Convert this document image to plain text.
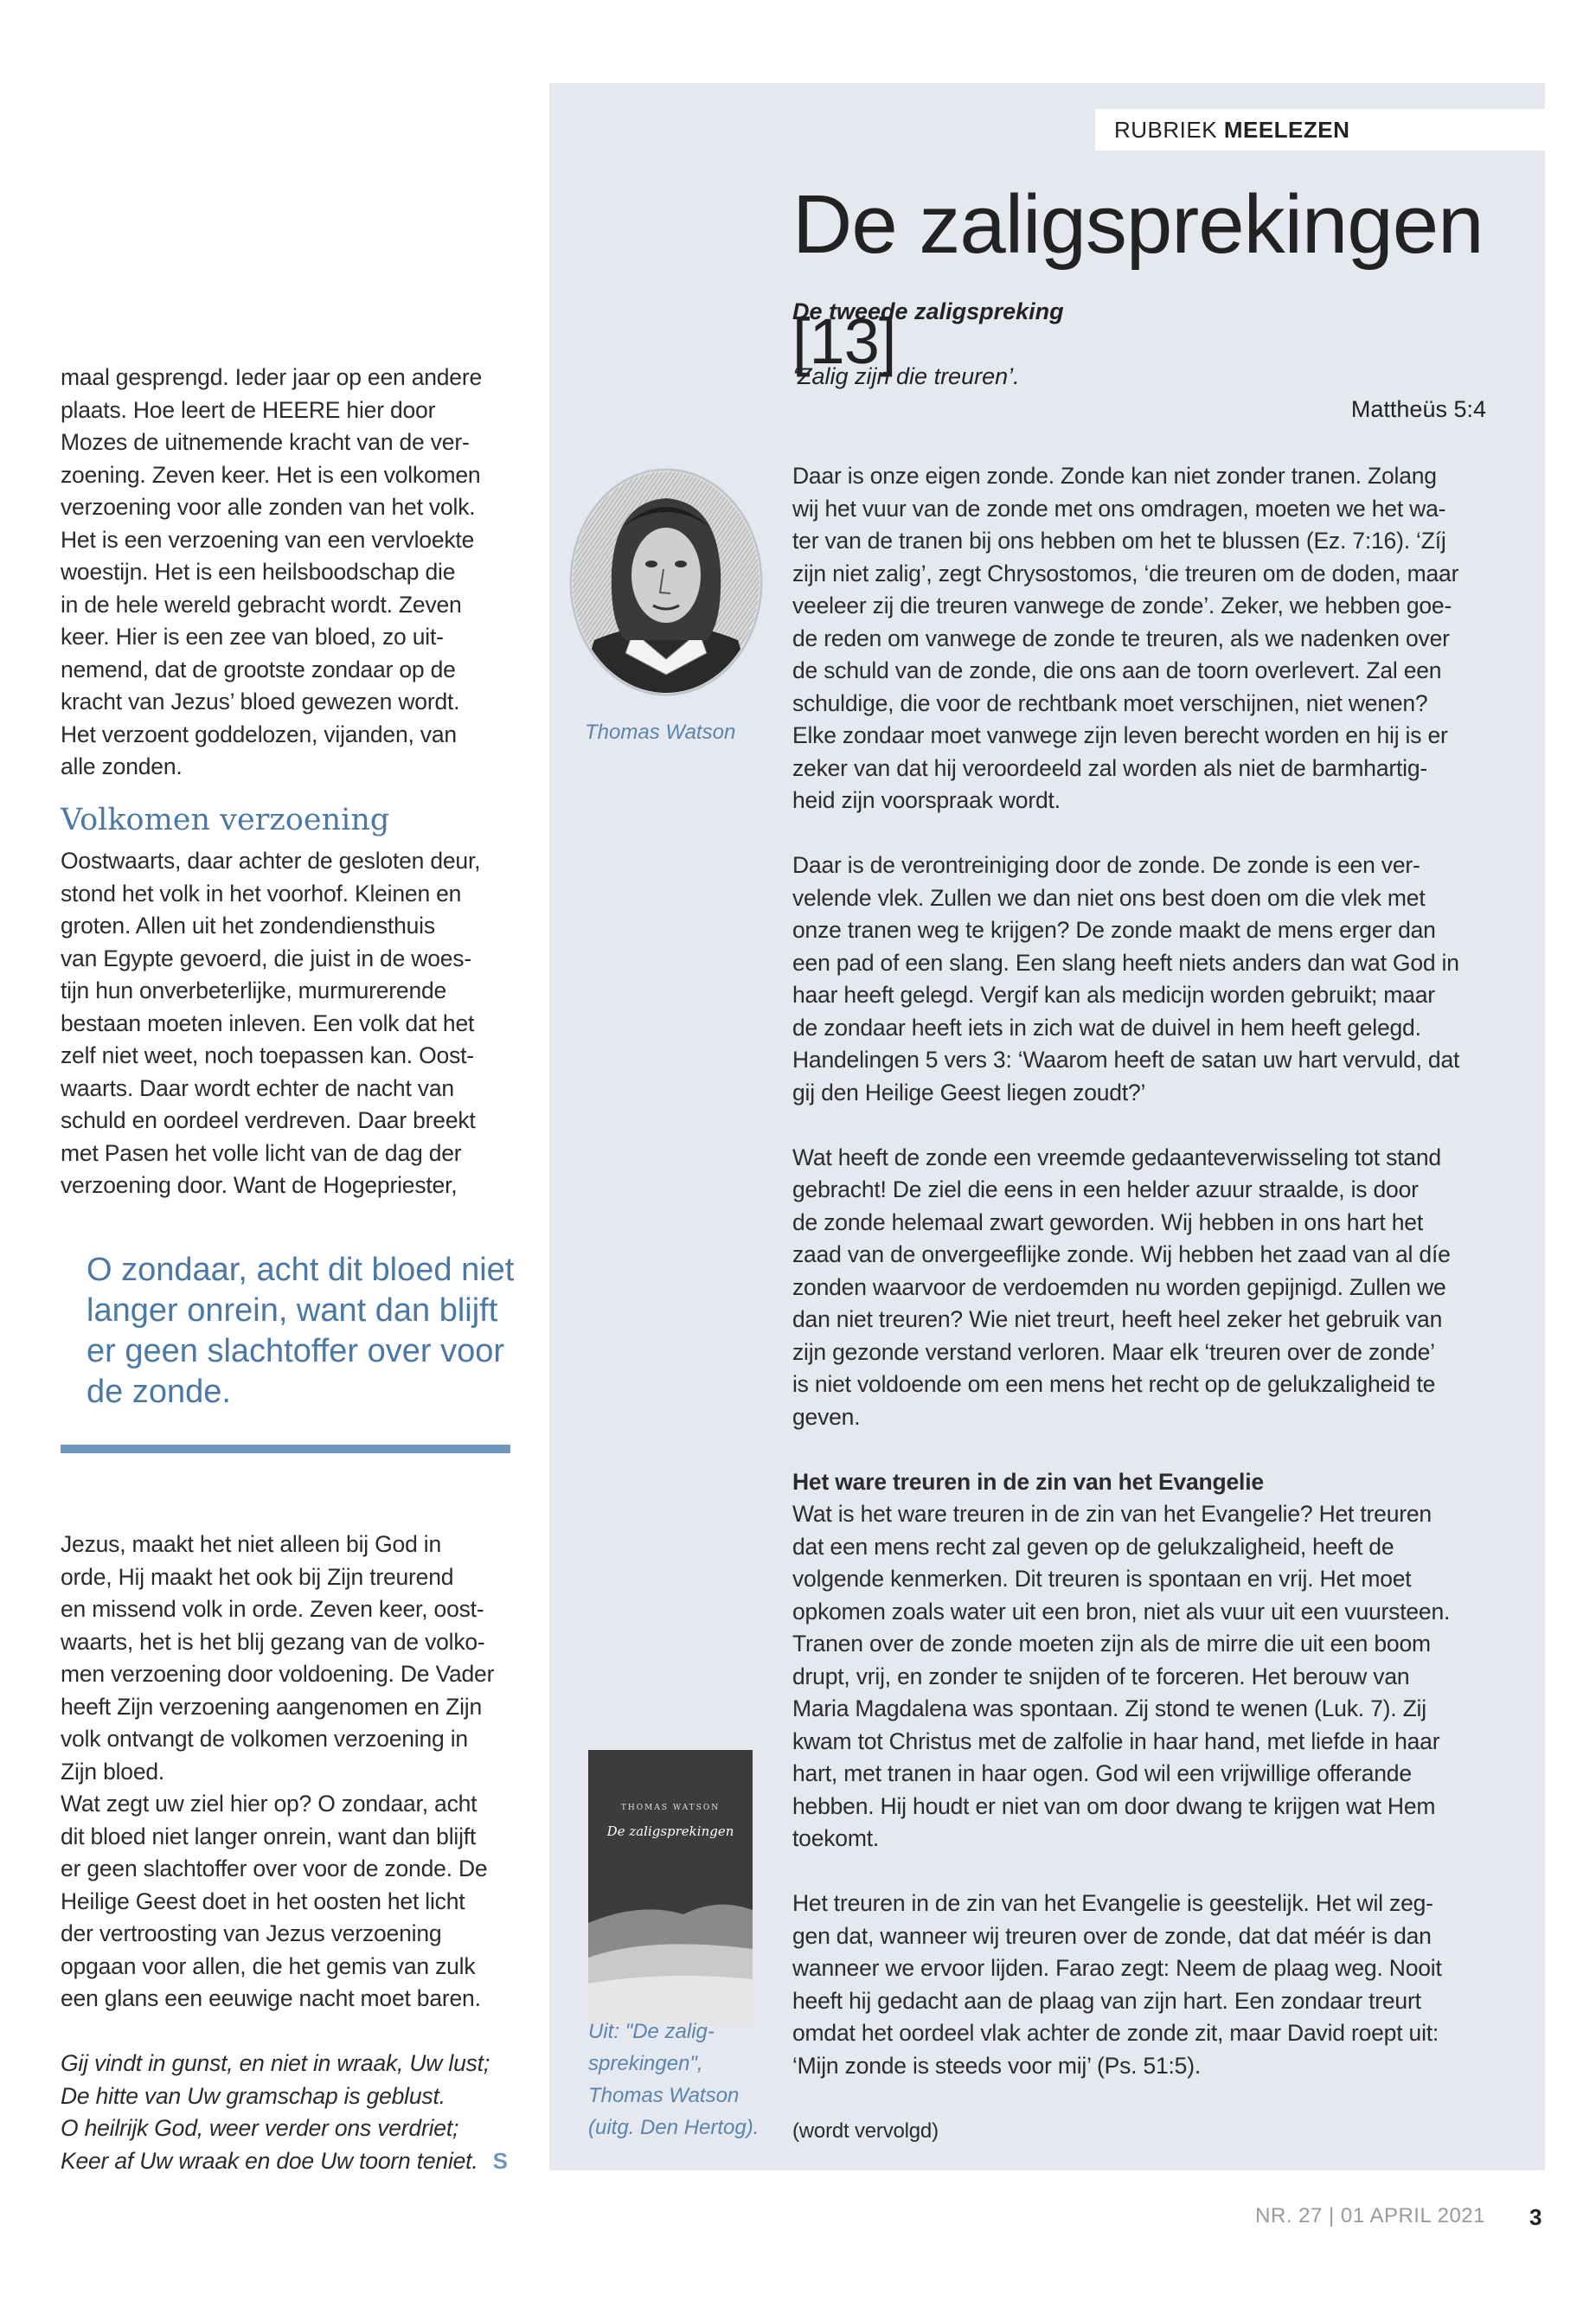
maal gesprengd. Ieder jaar op een andere

plaats. Hoe leert de HEERE hier door

Mozes de uitnemende kracht van de ver-

zoening. Zeven keer. Het is een volkomen

verzoening voor alle zonden van het volk.

Het is een verzoening van een vervloekte

woestijn. Het is een heilsboodschap die

in de hele wereld gebracht wordt. Zeven

keer. Hier is een zee van bloed, zo uit-

nemend, dat de grootste zondaar op de

kracht van Jezus’ bloed gewezen wordt.

Het verzoent goddelozen, vijanden, van

alle zonden.

Volkomen verzoening

Oostwaarts, daar achter de gesloten deur,

stond het volk in het voorhof. Kleinen en

groten. Allen uit het zondendiensthuis

van Egypte gevoerd, die juist in de woes-

tijn hun onverbeterlijke, murmurerende

bestaan moeten inleven. Een volk dat het

zelf niet weet, noch toepassen kan. Oost-

waarts. Daar wordt echter de nacht van

schuld en oordeel verdreven. Daar breekt

met Pasen het volle licht van de dag der

verzoening door. Want de Hogepriester,

O zondaar, acht dit bloed niet langer onrein, want dan blijft er geen slachtoffer over voor de zonde.

Jezus, maakt het niet alleen bij God in

orde, Hij maakt het ook bij Zijn treurend

en missend volk in orde. Zeven keer, oost-

waarts, het is het blij gezang van de volko-

men verzoening door voldoening. De Vader

heeft Zijn verzoening aangenomen en Zijn

volk ontvangt de volkomen verzoening in

Zijn bloed.

Wat zegt uw ziel hier op? O zondaar, acht

dit bloed niet langer onrein, want dan blijft

er geen slachtoffer over voor de zonde. De

Heilige Geest doet in het oosten het licht

der vertroosting van Jezus verzoening

opgaan voor allen, die het gemis van zulk

een glans een eeuwige nacht moet baren.

Gij vindt in gunst, en niet in wraak, Uw lust;

De hitte van Uw gramschap is geblust.

O heilrijk God, weer verder ons verdriet;

Keer af Uw wraak en doe Uw toorn teniet. S

RUBRIEK MEELEZEN
De zaligsprekingen [13]
De tweede zaligspreking
‘Zalig zijn die treuren’.
Mattheüs 5:4
Thomas Watson
THOMAS WATSON
De zaligsprekingen

Uit: "De zalig-

sprekingen",

Thomas Watson

(uitg. Den Hertog).

Daar is onze eigen zonde. Zonde kan niet zonder tranen. Zolang

wij het vuur van de zonde met ons omdragen, moeten we het wa-

ter van de tranen bij ons hebben om het te blussen (Ez. 7:16). ‘Zíj

zijn niet zalig’, zegt Chrysostomos, ‘die treuren om de doden, maar

veeleer zij die treuren vanwege de zonde’. Zeker, we hebben goe-

de reden om vanwege de zonde te treuren, als we nadenken over

de schuld van de zonde, die ons aan de toorn overlevert. Zal een

schuldige, die voor de rechtbank moet verschijnen, niet wenen?

Elke zondaar moet vanwege zijn leven berecht worden en hij is er

zeker van dat hij veroordeeld zal worden als niet de barmhartig-

heid zijn voorspraak wordt.

Daar is de verontreiniging door de zonde. De zonde is een ver-

velende vlek. Zullen we dan niet ons best doen om die vlek met

onze tranen weg te krijgen? De zonde maakt de mens erger dan

een pad of een slang. Een slang heeft niets anders dan wat God in

haar heeft gelegd. Vergif kan als medicijn worden gebruikt; maar

de zondaar heeft iets in zich wat de duivel in hem heeft gelegd.

Handelingen 5 vers 3: ‘Waarom heeft de satan uw hart vervuld, dat

gij den Heilige Geest liegen zoudt?’

Wat heeft de zonde een vreemde gedaanteverwisseling tot stand

gebracht! De ziel die eens in een helder azuur straalde, is door

de zonde helemaal zwart geworden. Wij hebben in ons hart het

zaad van de onvergeeflijke zonde. Wij hebben het zaad van al díe

zonden waarvoor de verdoemden nu worden gepijnigd. Zullen we

dan niet treuren? Wie niet treurt, heeft heel zeker het gebruik van

zijn gezonde verstand verloren. Maar elk ‘treuren over de zonde’

is niet voldoende om een mens het recht op de gelukzaligheid te

geven.

Het ware treuren in de zin van het Evangelie

Wat is het ware treuren in de zin van het Evangelie? Het treuren

dat een mens recht zal geven op de gelukzaligheid, heeft de

volgende kenmerken. Dit treuren is spontaan en vrij. Het moet

opkomen zoals water uit een bron, niet als vuur uit een vuursteen.

Tranen over de zonde moeten zijn als de mirre die uit een boom

drupt, vrij, en zonder te snijden of te forceren. Het berouw van

Maria Magdalena was spontaan. Zij stond te wenen (Luk. 7). Zij

kwam tot Christus met de zalfolie in haar hand, met liefde in haar

hart, met tranen in haar ogen. God wil een vrijwillige offerande

hebben. Hij houdt er niet van om door dwang te krijgen wat Hem

toekomt.

Het treuren in de zin van het Evangelie is geestelijk. Het wil zeg-

gen dat, wanneer wij treuren over de zonde, dat dat méér is dan

wanneer we ervoor lijden. Farao zegt: Neem de plaag weg. Nooit

heeft hij gedacht aan de plaag van zijn hart. Een zondaar treurt

omdat het oordeel vlak achter de zonde zit, maar David roept uit:

‘Mijn zonde is steeds voor mij’ (Ps. 51:5).

(wordt vervolgd)

NR. 27 | 01 APRIL 2021 3
